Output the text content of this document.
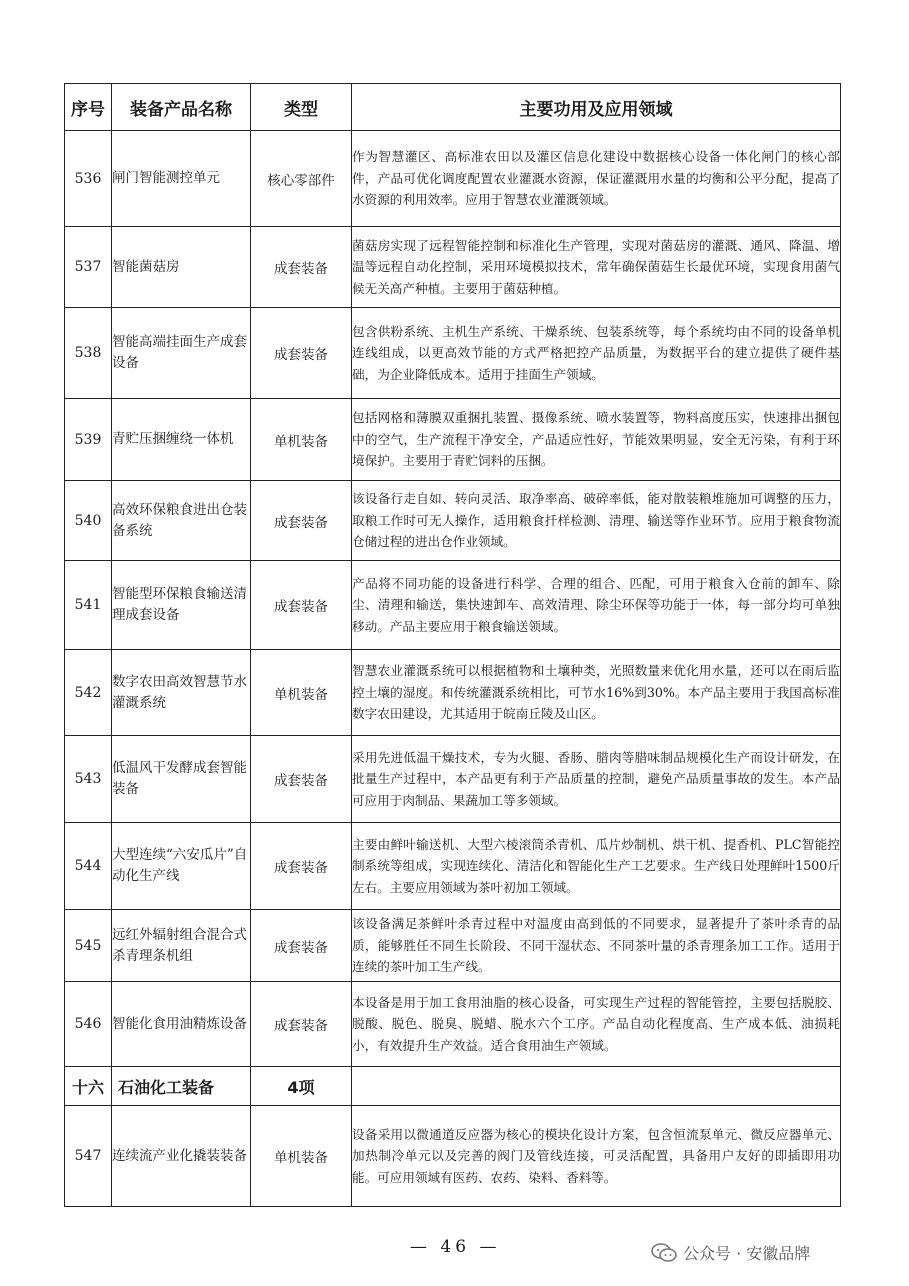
序号	装备产品名称	类型	主要功用及应用领域
536	闸门智能测控单元	核心零部件	作为智慧灌区、高标准农田以及灌区信息化建设中数据核心设备一体化闸门的核心部件，产品可优化调度配置农业灌溉水资源，保证灌溉用水量的均衡和公平分配，提高了水资源的利用效率。应用于智慧农业灌溉领域。
537	智能菌菇房	成套装备	菌菇房实现了远程智能控制和标准化生产管理，实现对菌菇房的灌溉、通风、降温、增温等远程自动化控制，采用环境模拟技术，常年确保菌菇生长最优环境，实现食用菌气候无关高产种植。主要用于菌菇种植。
538	智能高端挂面生产成套设备	成套装备	包含供粉系统、主机生产系统、干燥系统、包装系统等，每个系统均由不同的设备单机连线组成，以更高效节能的方式严格把控产品质量，为数据平台的建立提供了硬件基础，为企业降低成本。适用于挂面生产领域。
539	青贮压捆缠绕一体机	单机装备	包括网格和薄膜双重捆扎装置、摄像系统、喷水装置等，物料高度压实，快速排出捆包中的空气，生产流程干净安全，产品适应性好，节能效果明显，安全无污染，有利于环境保护。主要用于青贮饲料的压捆。
540	高效环保粮食进出仓装备系统	成套装备	该设备行走自如、转向灵活、取净率高、破碎率低，能对散装粮堆施加可调整的压力，取粮工作时可无人操作，适用粮食扦样检测、清理、输送等作业环节。应用于粮食物流仓储过程的进出仓作业领域。
541	智能型环保粮食输送清理成套设备	成套装备	产品将不同功能的设备进行科学、合理的组合、匹配，可用于粮食入仓前的卸车、除尘、清理和输送，集快速卸车、高效清理、除尘环保等功能于一体，每一部分均可单独移动。产品主要应用于粮食输送领域。
542	数字农田高效智慧节水灌溉系统	单机装备	智慧农业灌溉系统可以根据植物和土壤种类，光照数量来优化用水量，还可以在雨后监控土壤的湿度。和传统灌溉系统相比，可节水16%到30%。本产品主要用于我国高标准数字农田建设，尤其适用于皖南丘陵及山区。
543	低温风干发酵成套智能装备	成套装备	采用先进低温干燥技术，专为火腿、香肠、腊肉等腊味制品规模化生产而设计研发，在批量生产过程中，本产品更有利于产品质量的控制，避免产品质量事故的发生。本产品可应用于肉制品、果蔬加工等多领域。
544	大型连续“六安瓜片”自动化生产线	成套装备	主要由鲜叶输送机、大型六棱滚筒杀青机、瓜片炒制机、烘干机、提香机、PLC智能控制系统等组成，实现连续化、清洁化和智能化生产工艺要求。生产线日处理鲜叶1500斤左右。主要应用领域为茶叶初加工领域。
545	远红外辐射组合混合式杀青理条机组	成套装备	该设备满足茶鲜叶杀青过程中对温度由高到低的不同要求，显著提升了茶叶杀青的品质，能够胜任不同生长阶段、不同干湿状态、不同茶叶量的杀青理条加工工作。适用于连续的茶叶加工生产线。
546	智能化食用油精炼设备	成套装备	本设备是用于加工食用油脂的核心设备，可实现生产过程的智能管控，主要包括脱胶、脱酸、脱色、脱臭、脱蜡、脱水六个工序。产品自动化程度高、生产成本低、油损耗小，有效提升生产效益。适合食用油生产领域。
十六	石油化工装备	4项	
547	连续流产业化撬装装备	单机装备	设备采用以微通道反应器为核心的模块化设计方案，包含恒流泵单元、微反应器单元、加热制冷单元以及完善的阀门及管线连接，可灵活配置，具备用户友好的即插即用功能。可应用领域有医药、农药、染料、香料等。
— 46 —	公众号 · 安徽品牌
